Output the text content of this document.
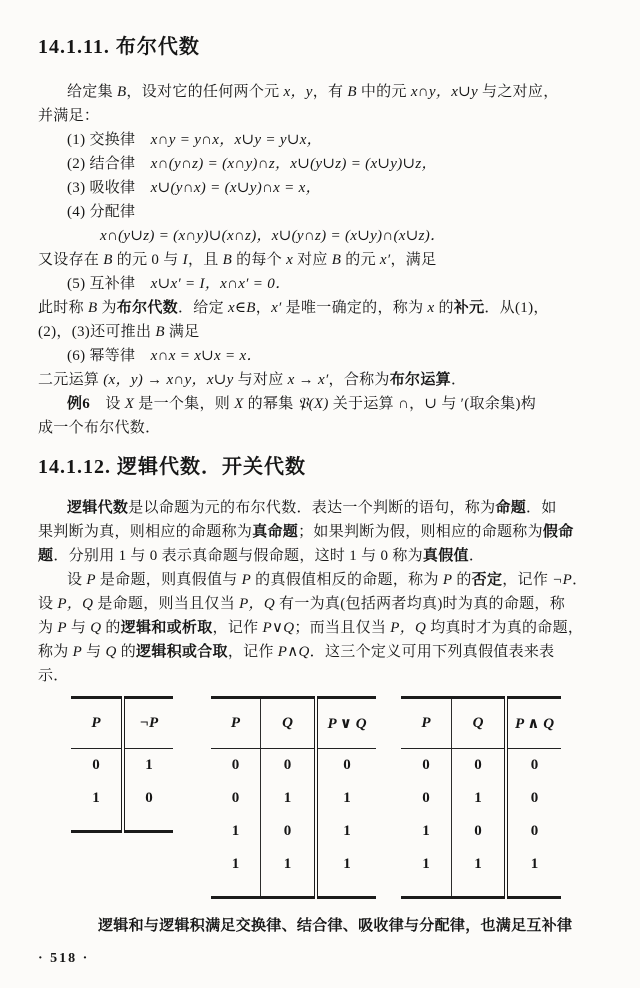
14.1.11. 布尔代数
给定集 B，设对它的任何两个元 x，y，有 B 中的元 x∩y，x∪y 与之对应，
并满足：
(1) 交换律　x∩y = y∩x，x∪y = y∪x，
(2) 结合律　x∩(y∩z) = (x∩y)∩z，x∪(y∪z) = (x∪y)∪z，
(3) 吸收律　x∪(y∩x) = (x∪y)∩x = x，
(4) 分配律
x∩(y∪z) = (x∩y)∪(x∩z)，x∪(y∩z) = (x∪y)∩(x∪z)．
又设存在 B 的元 0 与 I，且 B 的每个 x 对应 B 的元 x′，满足
(5) 互补律　x∪x′ = I，x∩x′ = 0．
此时称 B 为布尔代数．给定 x∈B，x′ 是唯一确定的，称为 x 的补元．从(1)，
(2)，(3)还可推出 B 满足
(6) 幂等律　x∩x = x∪x = x．
二元运算 (x，y) → x∩y，x∪y 与对应 x → x′，合称为布尔运算．
例6　设 X 是一个集，则 X 的幂集 𝔓(X) 关于运算 ∩，∪ 与 ′(取余集)构
成一个布尔代数．
14.1.12. 逻辑代数．开关代数
逻辑代数是以命题为元的布尔代数．表达一个判断的语句，称为命题．如
果判断为真，则相应的命题称为真命题；如果判断为假，则相应的命题称为假命
题．分别用 1 与 0 表示真命题与假命题，这时 1 与 0 称为真假值．
设 P 是命题，则真假值与 P 的真假值相反的命题，称为 P 的否定，记作 ¬P．
设 P，Q 是命题，则当且仅当 P，Q 有一为真(包括两者均真)时为真的命题，称
为 P 与 Q 的逻辑和或析取，记作 P∨Q；而当且仅当 P，Q 均真时才为真的命题，
称为 P 与 Q 的逻辑积或合取，记作 P∧Q．这三个定义可用下列真假值表来表
示．
P	¬P
0	1
1	0

P	Q	P ∨ Q
0	0	0
0	1	1
1	0	1
1	1	1

P	Q	P ∧ Q
0	0	0
0	1	0
1	0	0
1	1	1

逻辑和与逻辑积满足交换律、结合律、吸收律与分配律，也满足互补律
· 518 ·
